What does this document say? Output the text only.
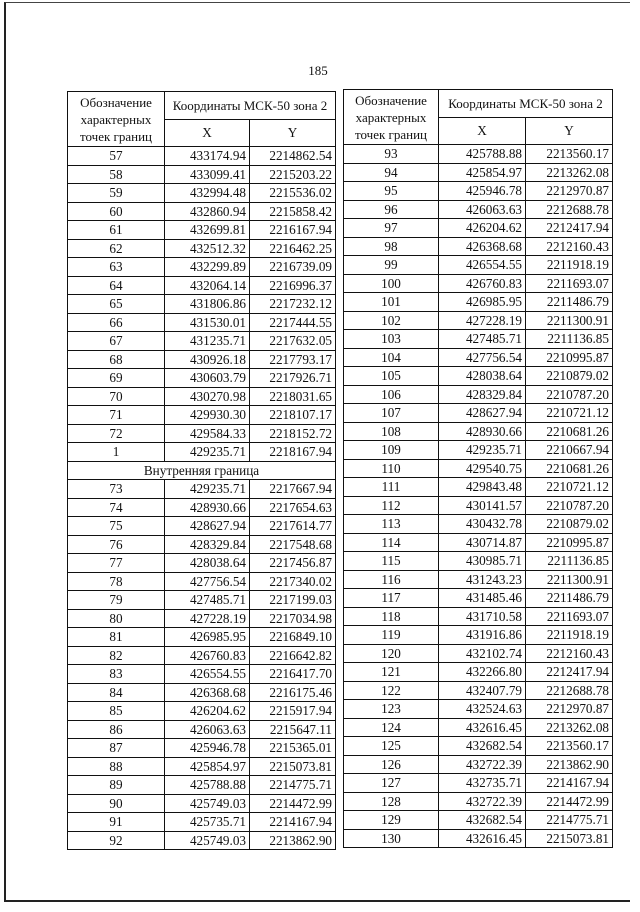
185
Обозначение характерных точек границ	Координаты МСК-50 зона 2	
	X	Y
57	433174.94	2214862.54
58	433099.41	2215203.22
59	432994.48	2215536.02
60	432860.94	2215858.42
61	432699.81	2216167.94
62	432512.32	2216462.25
63	432299.89	2216739.09
64	432064.14	2216996.37
65	431806.86	2217232.12
66	431530.01	2217444.55
67	431235.71	2217632.05
68	430926.18	2217793.17
69	430603.79	2217926.71
70	430270.98	2218031.65
71	429930.30	2218107.17
72	429584.33	2218152.72
1	429235.71	2218167.94
Внутренняя граница		
73	429235.71	2217667.94
74	428930.66	2217654.63
75	428627.94	2217614.77
76	428329.84	2217548.68
77	428038.64	2217456.87
78	427756.54	2217340.02
79	427485.71	2217199.03
80	427228.19	2217034.98
81	426985.95	2216849.10
82	426760.83	2216642.82
83	426554.55	2216417.70
84	426368.68	2216175.46
85	426204.62	2215917.94
86	426063.63	2215647.11
87	425946.78	2215365.01
88	425854.97	2215073.81
89	425788.88	2214775.71
90	425749.03	2214472.99
91	425735.71	2214167.94
92	425749.03	2213862.90
Обозначение характерных точек границ	Координаты МСК-50 зона 2	
	X	Y
93	425788.88	2213560.17
94	425854.97	2213262.08
95	425946.78	2212970.87
96	426063.63	2212688.78
97	426204.62	2212417.94
98	426368.68	2212160.43
99	426554.55	2211918.19
100	426760.83	2211693.07
101	426985.95	2211486.79
102	427228.19	2211300.91
103	427485.71	2211136.85
104	427756.54	2210995.87
105	428038.64	2210879.02
106	428329.84	2210787.20
107	428627.94	2210721.12
108	428930.66	2210681.26
109	429235.71	2210667.94
110	429540.75	2210681.26
111	429843.48	2210721.12
112	430141.57	2210787.20
113	430432.78	2210879.02
114	430714.87	2210995.87
115	430985.71	2211136.85
116	431243.23	2211300.91
117	431485.46	2211486.79
118	431710.58	2211693.07
119	431916.86	2211918.19
120	432102.74	2212160.43
121	432266.80	2212417.94
122	432407.79	2212688.78
123	432524.63	2212970.87
124	432616.45	2213262.08
125	432682.54	2213560.17
126	432722.39	2213862.90
127	432735.71	2214167.94
128	432722.39	2214472.99
129	432682.54	2214775.71
130	432616.45	2215073.81
